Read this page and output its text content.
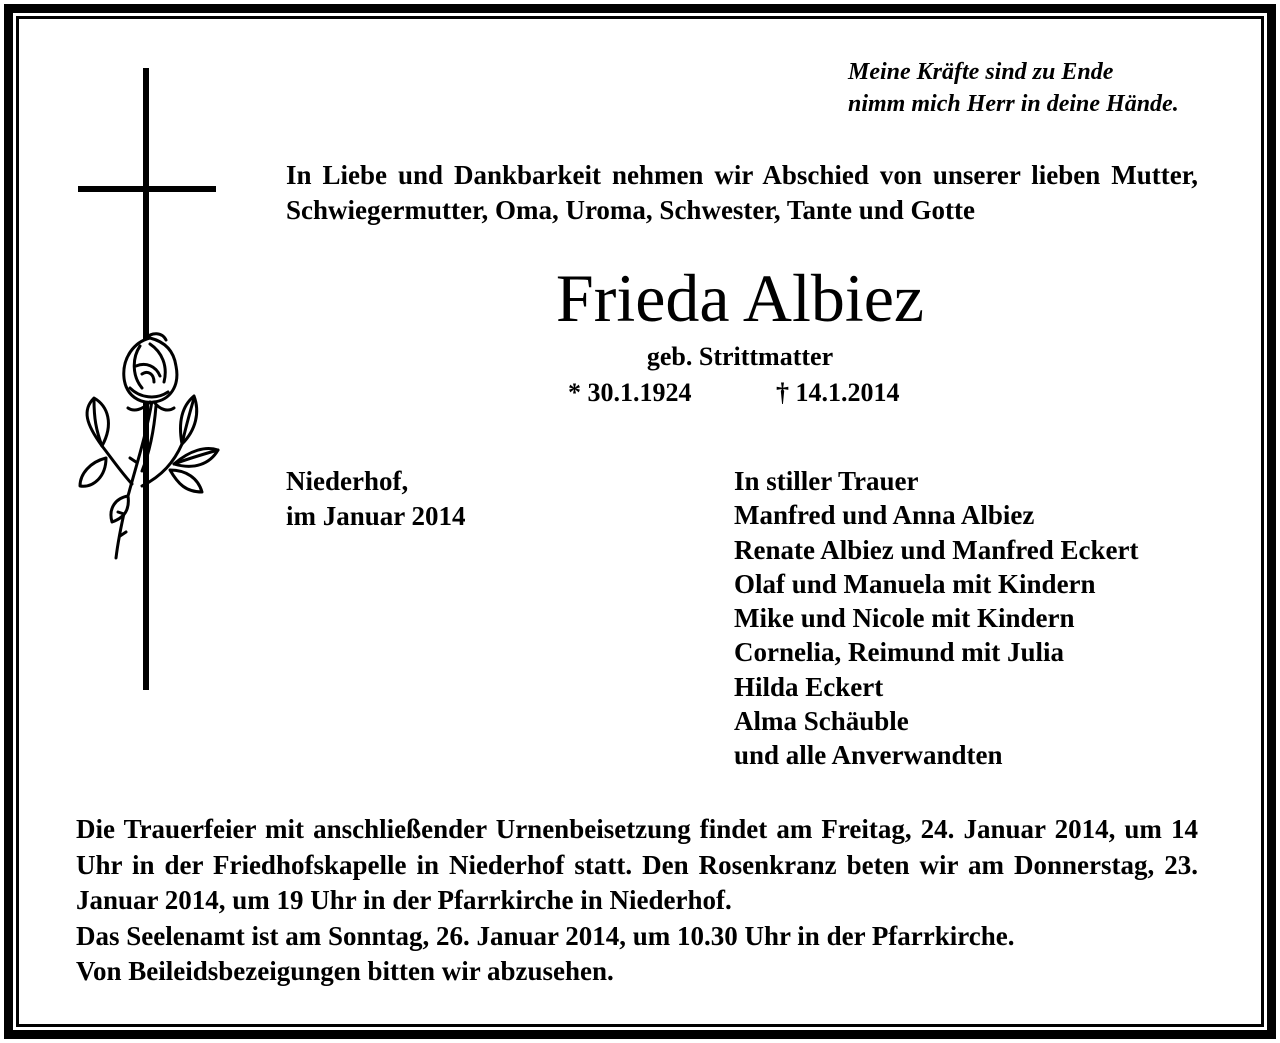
Meine Kräfte sind zu Ende
nimm mich Herr in deine Hände.
In Liebe und Dankbarkeit nehmen wir Abschied von unserer lieben Mutter, Schwiegermutter, Oma, Uroma, Schwester, Tante und Gotte
Frieda Albiez
geb. Strittmatter
* 30.1.1924	† 14.1.2014
Niederhof,
im Januar 2014
In stiller Trauer
Manfred und Anna Albiez
Renate Albiez und Manfred Eckert
Olaf und Manuela mit Kindern
Mike und Nicole mit Kindern
Cornelia, Reimund mit Julia
Hilda Eckert
Alma Schäuble
und alle Anverwandten

Die Trauerfeier mit anschließender Urnenbeisetzung findet am Freitag, 24. Januar 2014, um 14 Uhr in der Friedhofskapelle in Niederhof statt. Den Rosenkranz beten wir am Donnerstag, 23. Januar 2014, um 19 Uhr in der Pfarrkirche in Niederhof.

Das Seelenamt ist am Sonntag, 26. Januar 2014, um 10.30 Uhr in der Pfarrkirche.

Von Beileidsbezeigungen bitten wir abzusehen.
